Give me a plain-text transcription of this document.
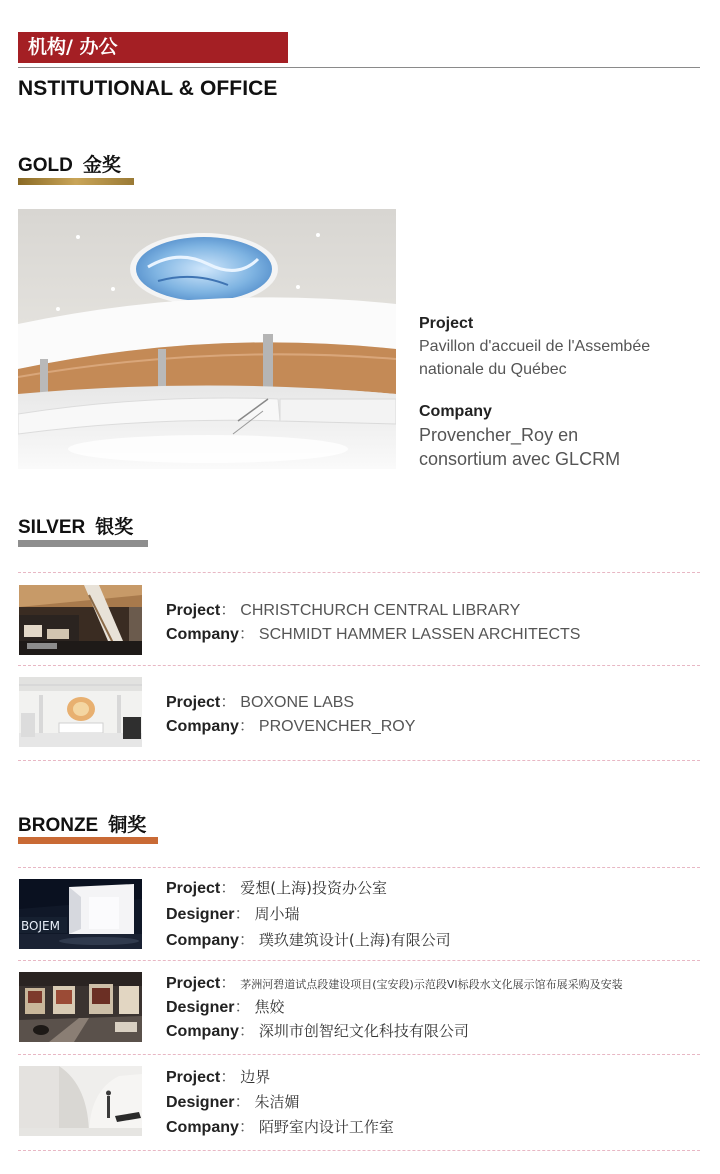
机构/ 办公
NSTITUTIONAL & OFFICE
GOLD 金奖
Project
Pavillon d'accueil de l'Assembée nationale du Québec
Company
Provencher_Roy en consortium avec GLCRM
SILVER 银奖
Project： CHRISTCHURCH CENTRAL LIBRARY
Company： SCHMIDT HAMMER LASSEN ARCHITECTS
Project： BOXONE LABS
Company： PROVENCHER_ROY
BRONZE 铜奖
BOJEM
Project： 爱想(上海)投资办公室
Designer： 周小瑞
Company： 璞玖建筑设计(上海)有限公司
Project： 茅洲河碧道试点段建设项目(宝安段)示范段VI标段水文化展示馆布展采购及安装
Designer： 焦姣
Company： 深圳市创智纪文化科技有限公司
Project： 边界
Designer： 朱洁媚
Company： 陌野室内设计工作室
